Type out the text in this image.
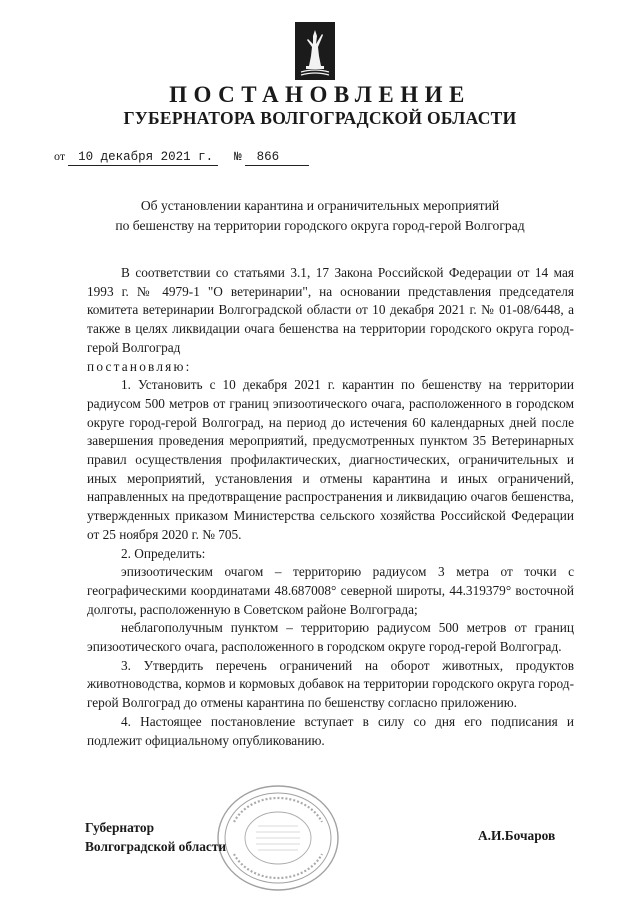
ПОСТАНОВЛЕНИЕ
ГУБЕРНАТОРА ВОЛГОГРАДСКОЙ ОБЛАСТИ
от 10 декабря 2021 г. № 866
Об установлении карантина и ограничительных мероприятий
по бешенству на территории городского округа город-герой Волгоград

В соответствии со статьями 3.1, 17 Закона Российской Федерации от 14 мая 1993 г. № 4979-1 "О ветеринарии", на основании представления председателя комитета ветеринарии Волгоградской области от 10 декабря 2021 г. № 01-08/6448, а также в целях ликвидации очага бешенства на территории городского округа город-герой Волгоград

постановляю:

1. Установить с 10 декабря 2021 г. карантин по бешенству на территории радиусом 500 метров от границ эпизоотического очага, расположенного в городском округе город-герой Волгоград, на период до истечения 60 календарных дней после завершения проведения мероприятий, предусмотренных пунктом 35 Ветеринарных правил осуществления профилактических, диагностических, ограничительных и иных мероприятий, установления и отмены карантина и иных ограничений, направленных на предотвращение распространения и ликвидацию очагов бешенства, утвержденных приказом Министерства сельского хозяйства Российской Федерации от 25 ноября 2020 г. № 705.

2. Определить:

эпизоотическим очагом – территорию радиусом 3 метра от точки с географическими координатами 48.687008° северной широты, 44.319379° восточной долготы, расположенную в Советском районе Волгограда;

неблагополучным пунктом – территорию радиусом 500 метров от границ эпизоотического очага, расположенного в городском округе город-герой Волгоград.

3. Утвердить перечень ограничений на оборот животных, продуктов животноводства, кормов и кормовых добавок на территории городского округа город-герой Волгоград до отмены карантина по бешенству согласно приложению.

4. Настоящее постановление вступает в силу со дня его подписания и подлежит официальному опубликованию.

Губернатор
Волгоградской области
А.И.Бочаров
